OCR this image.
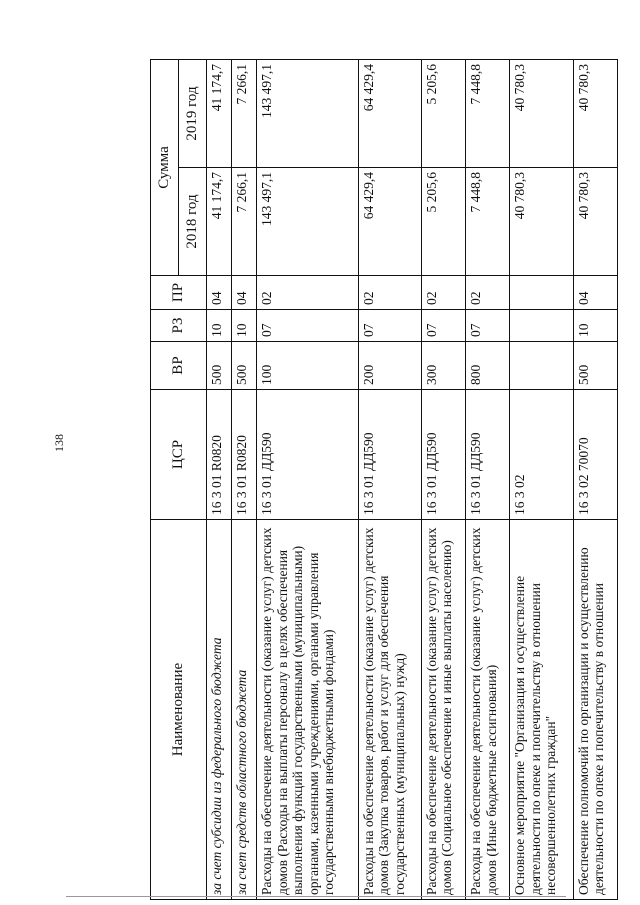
138
Наименование	ЦСР	ВР	РЗ	ПР	Сумма	
					2018 год	2019 год
за счет субсидии из федерального бюджета	16 3 01 R0820	500	10	04	41 174,7	41 174,7
за счет средств областного бюджета	16 3 01 R0820	500	10	04	7 266,1	7 266,1
Расходы на обеспечение деятельности (оказание услуг) детских домов (Расходы на выплаты персоналу в целях обеспечения выполнения функций государственными (муниципальными) органами, казенными учреждениями, органами управления государственными внебюджетными фондами)	16 3 01 ДД590	100	07	02	143 497,1	143 497,1
Расходы на обеспечение деятельности (оказание услуг) детских домов (Закупка товаров, работ и услуг для обеспечения государственных (муниципальных) нужд)	16 3 01 ДД590	200	07	02	64 429,4	64 429,4
Расходы на обеспечение деятельности (оказание услуг) детских домов (Социальное обеспечение и иные выплаты населению)	16 3 01 ДД590	300	07	02	5 205,6	5 205,6
Расходы на обеспечение деятельности (оказание услуг) детских домов (Иные бюджетные ассигнования)	16 3 01 ДД590	800	07	02	7 448,8	7 448,8
Основное мероприятие "Организация и осуществление деятельности по опеке и попечительству в отношении несовершеннолетних граждан"	16 3 02				40 780,3	40 780,3
Обеспечение полномочий по организации и осуществлению деятельности по опеке и попечительству в отношении	16 3 02 70070	500	10	04	40 780,3	40 780,3
